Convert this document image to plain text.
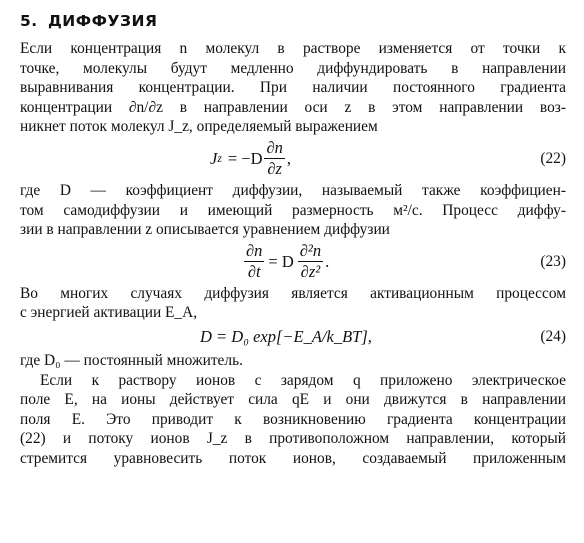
5. ДИФФУЗИЯ
Если концентрация n молекул в растворе изменяется от точки к
точке, молекулы будут медленно диффундировать в направлении
выравнивания концентрации. При наличии постоянного градиента
концентрации ∂n/∂z в направлении оси z в этом направлении воз-
никнет поток молекул J_z, определяемый выражением
J $z = -D \frac{\partial n}{\partial z}$ ,	(22)
где D — коэффициент диффузии, называемый также коэффициен-
том самодиффузии и имеющий размерность м²/с. Процесс диффу-
зии в направлении z описывается уравнением диффузии
$\frac{\partial n}{\partial t} = D \frac{\text{∂²n}}{\text{∂z²}}$ .	(23)
Во многих случаях диффузия является активационным процессом
с энергией активации E_A,
D = D₀ exp[−E_A/k_BT],	(24)
где D₀ — постоянный множитель.
Если к раствору ионов с зарядом q приложено электрическое
поле E, на ионы действует сила qE и они движутся в направлении
поля E. Это приводит к возникновению градиента концентрации
(22) и потоку ионов J_z в противоположном направлении, который
стремится уравновесить поток ионов, создаваемый приложенным
